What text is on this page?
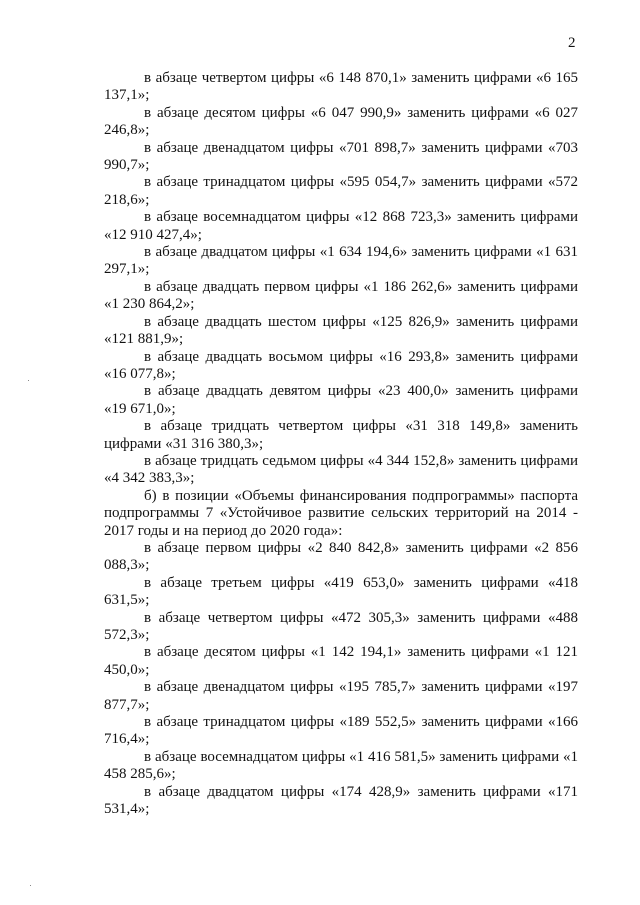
2

в абзаце четвертом цифры «6 148 870,1» заменить цифрами «6 165 137,1»;

в абзаце десятом цифры «6 047 990,9» заменить цифрами «6 027 246,8»;

в абзаце двенадцатом цифры «701 898,7» заменить цифрами «703 990,7»;

в абзаце тринадцатом цифры «595 054,7» заменить цифрами «572 218,6»;

в абзаце восемнадцатом цифры «12 868 723,3» заменить цифрами «12 910 427,4»;

в абзаце двадцатом цифры «1 634 194,6» заменить цифрами «1 631 297,1»;

в абзаце двадцать первом цифры «1 186 262,6» заменить цифрами «1 230 864,2»;

в абзаце двадцать шестом цифры «125 826,9» заменить цифрами «121 881,9»;

в абзаце двадцать восьмом цифры «16 293,8» заменить цифрами «16 077,8»;

в абзаце двадцать девятом цифры «23 400,0» заменить цифрами «19 671,0»;

в абзаце тридцать четвертом цифры «31 318 149,8» заменить цифрами «31 316 380,3»;

в абзаце тридцать седьмом цифры «4 344 152,8» заменить цифрами «4 342 383,3»;

б) в позиции «Объемы финансирования подпрограммы» паспорта подпрограммы 7 «Устойчивое развитие сельских территорий на 2014 - 2017 годы и на период до 2020 года»:

в абзаце первом цифры «2 840 842,8» заменить цифрами «2 856 088,3»;

в абзаце третьем цифры «419 653,0» заменить цифрами «418 631,5»;

в абзаце четвертом цифры «472 305,3» заменить цифрами «488 572,3»;

в абзаце десятом цифры «1 142 194,1» заменить цифрами «1 121 450,0»;

в абзаце двенадцатом цифры «195 785,7» заменить цифрами «197 877,7»;

в абзаце тринадцатом цифры «189 552,5» заменить цифрами «166 716,4»;

в абзаце восемнадцатом цифры «1 416 581,5» заменить цифрами «1 458 285,6»;

в абзаце двадцатом цифры «174 428,9» заменить цифрами «171 531,4»;
